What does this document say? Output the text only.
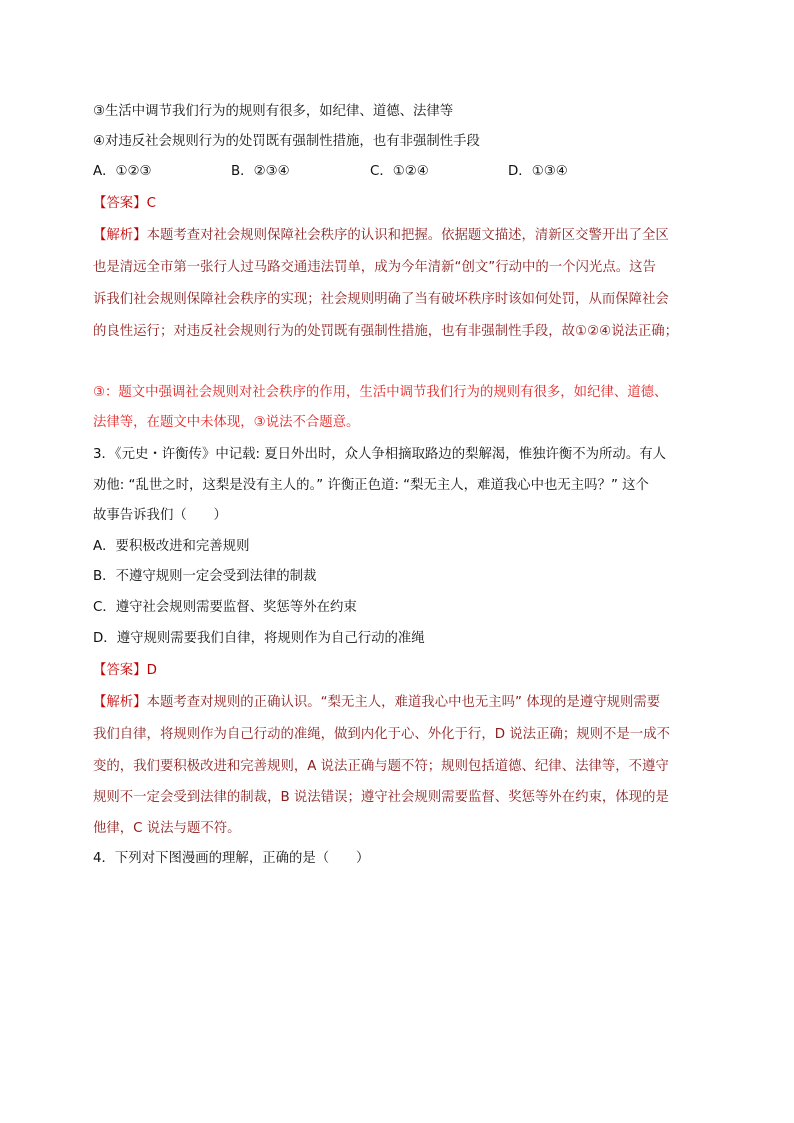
③生活中调节我们行为的规则有很多，如纪律、道德、法律等
④对违反社会规则行为的处罚既有强制性措施，也有非强制性手段
A．①②③	B．②③④	C．①②④	D．①③④
【答案】C
【解析】本题考查对社会规则保障社会秩序的认识和把握。依据题文描述，清新区交警开出了全区
也是清远全市第一张行人过马路交通违法罚单，成为今年清新“创文”行动中的一个闪光点。这告
诉我们社会规则保障社会秩序的实现；社会规则明确了当有破坏秩序时该如何处罚，从而保障社会
的良性运行；对违反社会规则行为的处罚既有强制性措施，也有非强制性手段，故①②④说法正确；
③：题文中强调社会规则对社会秩序的作用，生活中调节我们行为的规则有很多，如纪律、道德、
法律等，在题文中未体现，③说法不合题意。
3．《元史・许衡传》中记载: 夏日外出时，众人争相摘取路边的梨解渴，惟独许衡不为所动。有人
劝他: “乱世之时，这梨是没有主人的。” 许衡正色道: “梨无主人，难道我心中也无主吗？” 这个
故事告诉我们（　　）
A．要积极改进和完善规则
B．不遵守规则一定会受到法律的制裁
C．遵守社会规则需要监督、奖惩等外在约束
D．遵守规则需要我们自律，将规则作为自己行动的准绳
【答案】D
【解析】本题考查对规则的正确认识。“梨无主人，难道我心中也无主吗” 体现的是遵守规则需要
我们自律，将规则作为自己行动的准绳，做到内化于心、外化于行，D 说法正确；规则不是一成不
变的，我们要积极改进和完善规则，A 说法正确与题不符；规则包括道德、纪律、法律等，不遵守
规则不一定会受到法律的制裁，B 说法错误；遵守社会规则需要监督、奖惩等外在约束，体现的是
他律，C 说法与题不符。
4．下列对下图漫画的理解，正确的是（　　）
